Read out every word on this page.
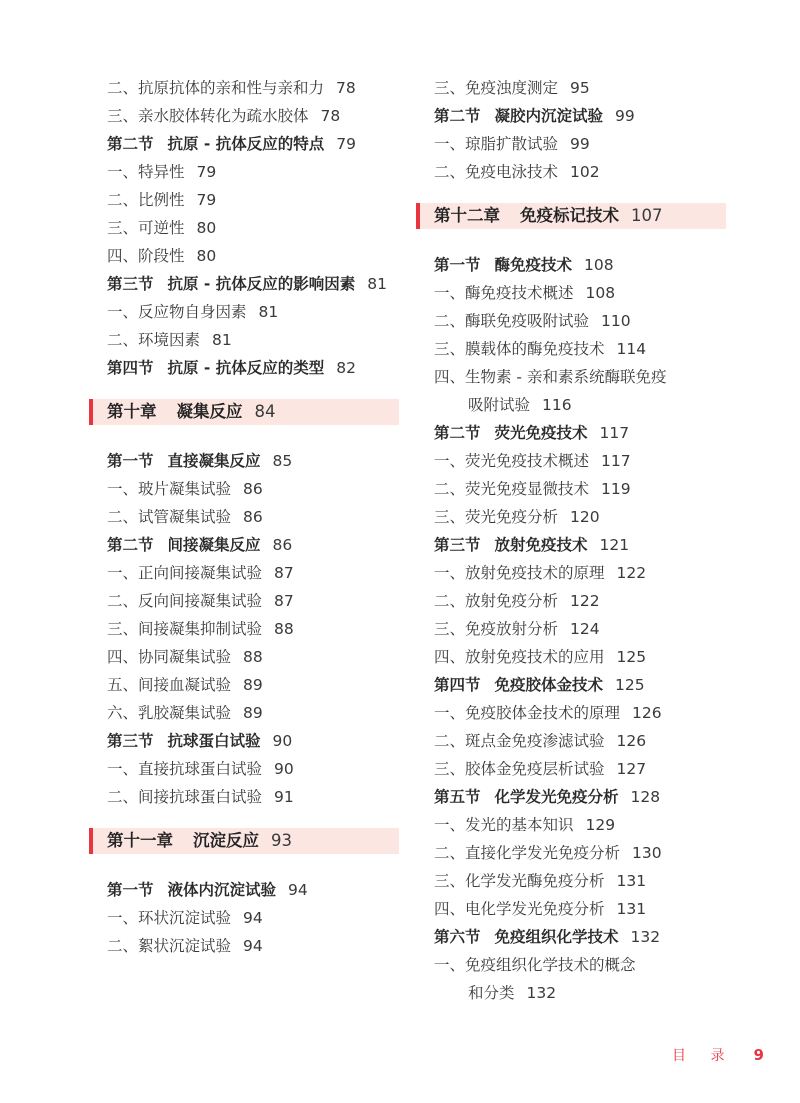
二、抗原抗体的亲和性与亲和力 78
三、亲水胶体转化为疏水胶体 78
第二节 抗原 - 抗体反应的特点 79
一、特异性 79
二、比例性 79
三、可逆性 80
四、阶段性 80
第三节 抗原 - 抗体反应的影响因素 81
一、反应物自身因素 81
二、环境因素 81
第四节 抗原 - 抗体反应的类型 82
第十章 凝集反应 84
第一节 直接凝集反应 85
一、玻片凝集试验 86
二、试管凝集试验 86
第二节 间接凝集反应 86
一、正向间接凝集试验 87
二、反向间接凝集试验 87
三、间接凝集抑制试验 88
四、协同凝集试验 88
五、间接血凝试验 89
六、乳胶凝集试验 89
第三节 抗球蛋白试验 90
一、直接抗球蛋白试验 90
二、间接抗球蛋白试验 91
第十一章 沉淀反应 93
第一节 液体内沉淀试验 94
一、环状沉淀试验 94
二、絮状沉淀试验 94
三、免疫浊度测定 95
第二节 凝胶内沉淀试验 99
一、琼脂扩散试验 99
二、免疫电泳技术 102
第十二章 免疫标记技术 107
第一节 酶免疫技术 108
一、酶免疫技术概述 108
二、酶联免疫吸附试验 110
三、膜载体的酶免疫技术 114
四、生物素 - 亲和素系统酶联免疫
吸附试验 116
第二节 荧光免疫技术 117
一、荧光免疫技术概述 117
二、荧光免疫显微技术 119
三、荧光免疫分析 120
第三节 放射免疫技术 121
一、放射免疫技术的原理 122
二、放射免疫分析 122
三、免疫放射分析 124
四、放射免疫技术的应用 125
第四节 免疫胶体金技术 125
一、免疫胶体金技术的原理 126
二、斑点金免疫渗滤试验 126
三、胶体金免疫层析试验 127
第五节 化学发光免疫分析 128
一、发光的基本知识 129
二、直接化学发光免疫分析 130
三、化学发光酶免疫分析 131
四、电化学发光免疫分析 131
第六节 免疫组织化学技术 132
一、免疫组织化学技术的概念
和分类 132
目 录 9
